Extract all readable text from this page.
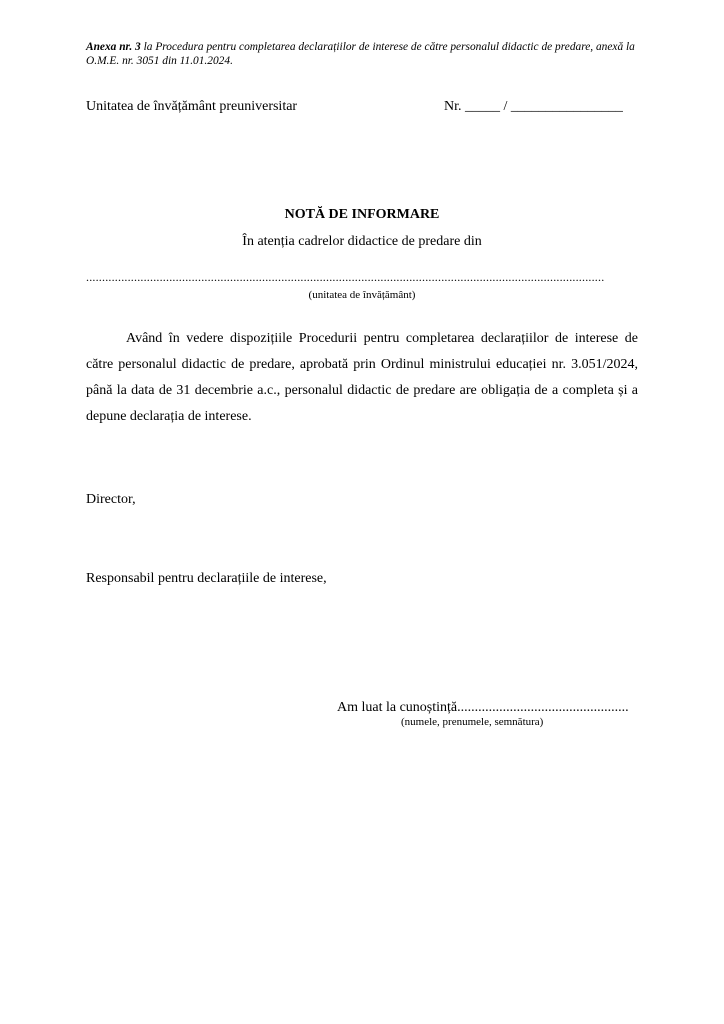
Anexa nr. 3 la Procedura pentru completarea declarațiilor de interese de către personalul didactic de predare, anexă la O.M.E. nr. 3051 din 11.01.2024.
Unitatea de învățământ preuniversitar	Nr. _____ / ________________
NOTĂ DE INFORMARE
În atenția cadrelor didactice de predare din
..................................................................................................................................................................
(unitatea de învățământ)
Având în vedere dispozițiile Procedurii pentru completarea declarațiilor de interese de către personalul didactic de predare, aprobată prin Ordinul ministrului educației nr. 3.051/2024, până la data de 31 decembrie a.c., personalul didactic de predare are obligația de a completa și a depune declarația de interese.
Director,
Responsabil pentru declarațiile de interese,
Am luat la cunoștință.................................................
(numele, prenumele, semnătura)
